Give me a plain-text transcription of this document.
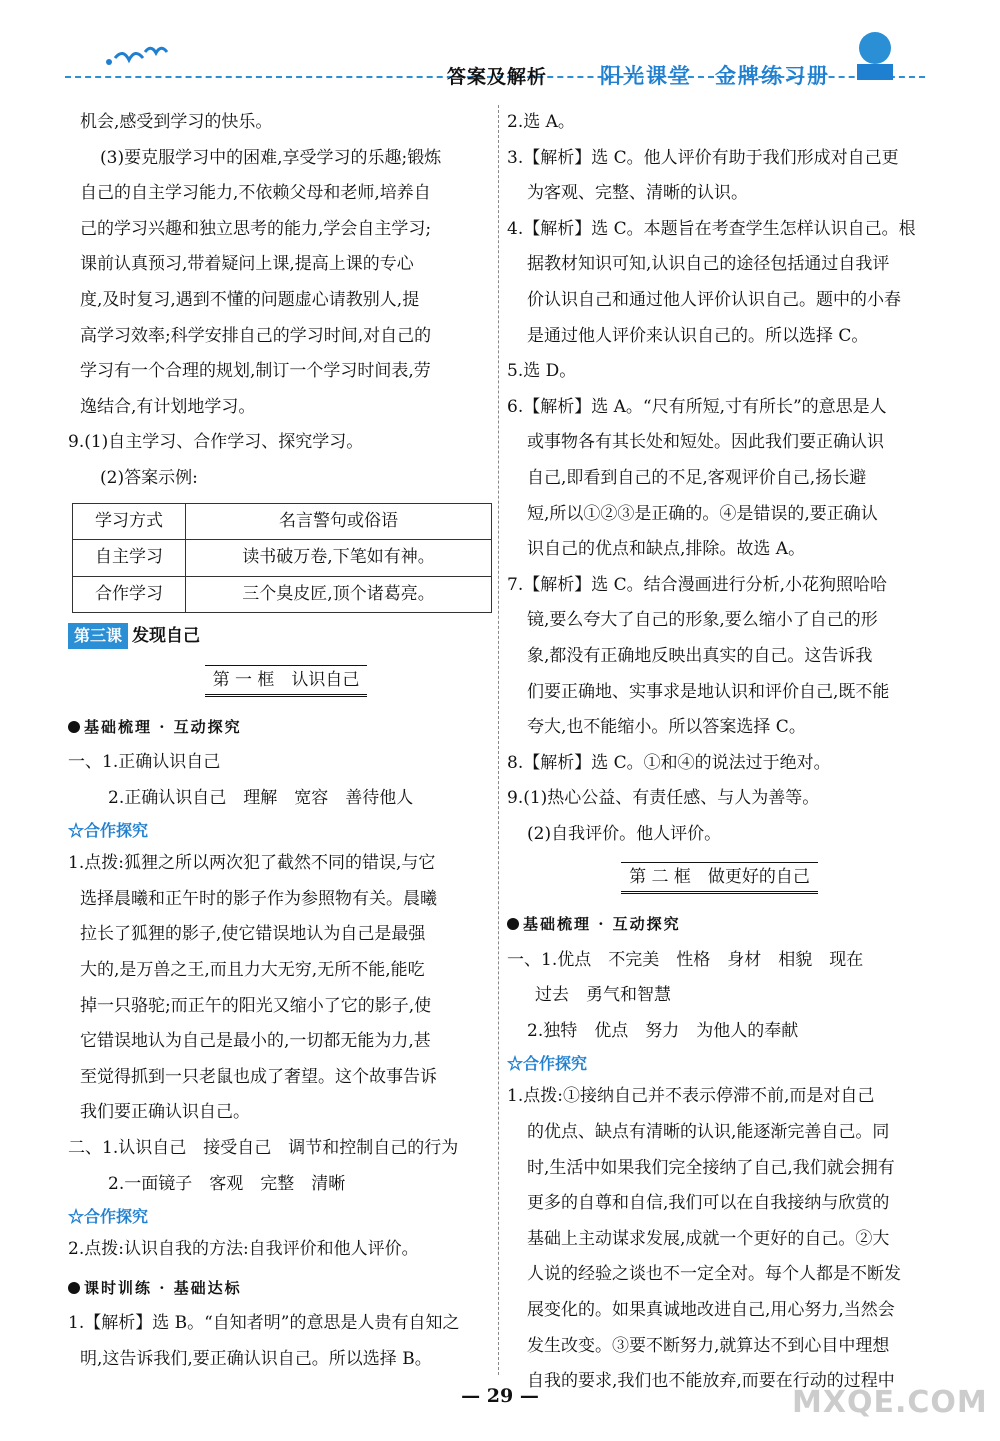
答案及解析	阳光课堂　金牌练习册

机会,感受到学习的快乐。

(3)要克服学习中的困难,享受学习的乐趣;锻炼

自己的自主学习能力,不依赖父母和老师,培养自

己的学习兴趣和独立思考的能力,学会自主学习;

课前认真预习,带着疑问上课,提高上课的专心

度,及时复习,遇到不懂的问题虚心请教别人,提

高学习效率;科学安排自己的学习时间,对自己的

学习有一个合理的规划,制订一个学习时间表,劳

逸结合,有计划地学习。

9.(1)自主学习、合作学习、探究学习。

(2)答案示例:

学习方式	名言警句或俗语
自主学习	读书破万卷,下笔如有神。
合作学习	三个臭皮匠,顶个诸葛亮。

第三课 发现自己

第 一 框　认识自己
基础梳理 · 互动探究

一、1.正确认识自己

2.正确认识自己　理解　宽容　善待他人

☆合作探究

1.点拨:狐狸之所以两次犯了截然不同的错误,与它

选择晨曦和正午时的影子作为参照物有关。晨曦

拉长了狐狸的影子,使它错误地认为自己是最强

大的,是万兽之王,而且力大无穷,无所不能,能吃

掉一只骆驼;而正午的阳光又缩小了它的影子,使

它错误地认为自己是最小的,一切都无能为力,甚

至觉得抓到一只老鼠也成了奢望。这个故事告诉

我们要正确认识自己。

二、1.认识自己　接受自己　调节和控制自己的行为

2.一面镜子　客观　完整　清晰

☆合作探究

2.点拨:认识自我的方法:自我评价和他人评价。

课时训练 · 基础达标

1.【解析】选 B。“自知者明”的意思是人贵有自知之

明,这告诉我们,要正确认识自己。所以选择 B。

2.选 A。

3.【解析】选 C。他人评价有助于我们形成对自己更

为客观、完整、清晰的认识。

4.【解析】选 C。本题旨在考查学生怎样认识自己。根

据教材知识可知,认识自己的途径包括通过自我评

价认识自己和通过他人评价认识自己。题中的小春

是通过他人评价来认识自己的。所以选择 C。

5.选 D。

6.【解析】选 A。“尺有所短,寸有所长”的意思是人

或事物各有其长处和短处。因此我们要正确认识

自己,即看到自己的不足,客观评价自己,扬长避

短,所以①②③是正确的。④是错误的,要正确认

识自己的优点和缺点,排除。故选 A。

7.【解析】选 C。结合漫画进行分析,小花狗照哈哈

镜,要么夸大了自己的形象,要么缩小了自己的形

象,都没有正确地反映出真实的自己。这告诉我

们要正确地、实事求是地认识和评价自己,既不能

夸大,也不能缩小。所以答案选择 C。

8.【解析】选 C。①和④的说法过于绝对。

9.(1)热心公益、有责任感、与人为善等。

(2)自我评价。他人评价。

第 二 框　做更好的自己
基础梳理 · 互动探究

一、1.优点　不完美　性格　身材　相貌　现在

过去　勇气和智慧

2.独特　优点　努力　为他人的奉献

☆合作探究

1.点拨:①接纳自己并不表示停滞不前,而是对自己

的优点、缺点有清晰的认识,能逐渐完善自己。同

时,生活中如果我们完全接纳了自己,我们就会拥有

更多的自尊和自信,我们可以在自我接纳与欣赏的

基础上主动谋求发展,成就一个更好的自己。②大

人说的经验之谈也不一定全对。每个人都是不断发

展变化的。如果真诚地改进自己,用心努力,当然会

发生改变。③要不断努力,就算达不到心目中理想

自我的要求,我们也不能放弃,而要在行动的过程中

— 29 —	MXQE.COM
